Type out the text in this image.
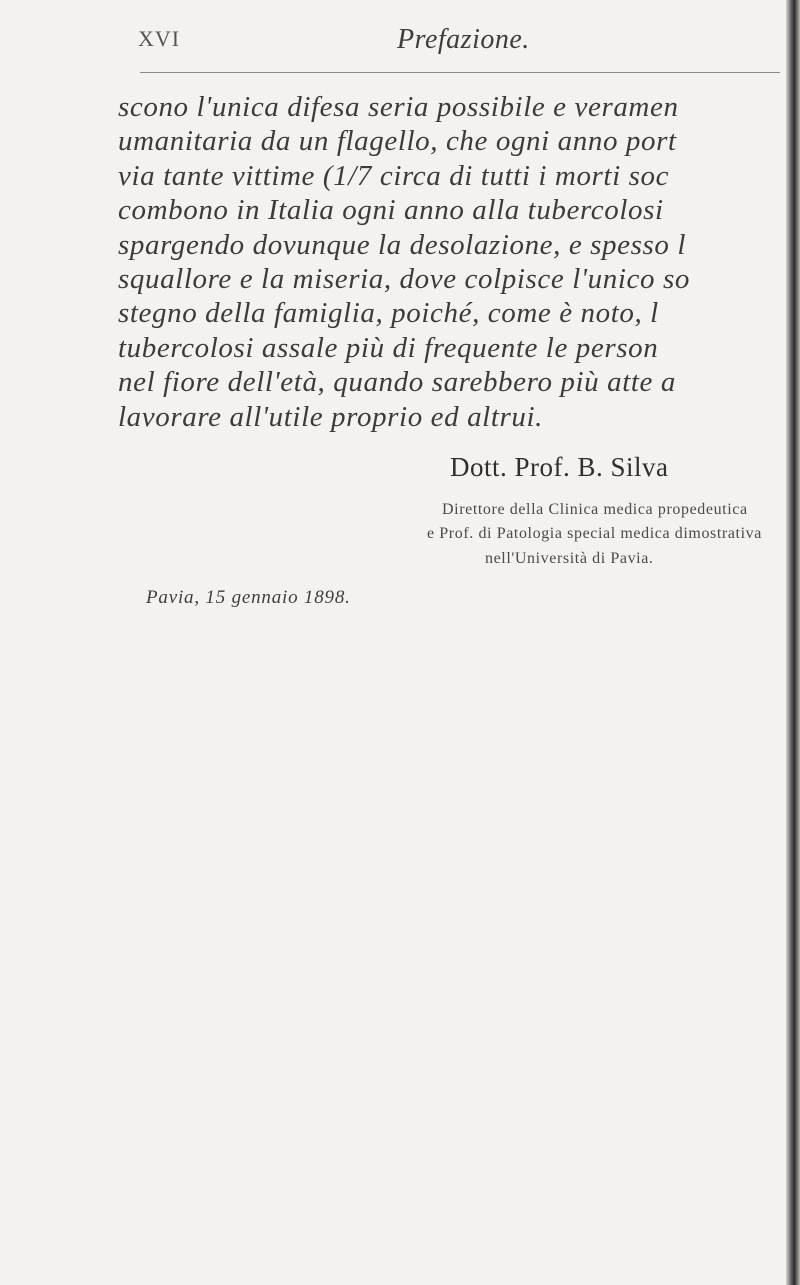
XVI	Prefazione.
scono l'unica difesa seria possibile e veramen
umanitaria da un flagello, che ogni anno port
via tante vittime (1/7 circa di tutti i morti soc
combono in Italia ogni anno alla tubercolosi
spargendo dovunque la desolazione, e spesso l
squallore e la miseria, dove colpisce l'unico so
stegno della famiglia, poiché, come è noto, l
tubercolosi assale più di frequente le person
nel fiore dell'età, quando sarebbero più atte a
lavorare all'utile proprio ed altrui.
Dott. Prof. B. Silva
Direttore della Clinica medica propedeutica
e Prof. di Patologia special medica dimostrativa
nell'Università di Pavia.
Pavia, 15 gennaio 1898.
